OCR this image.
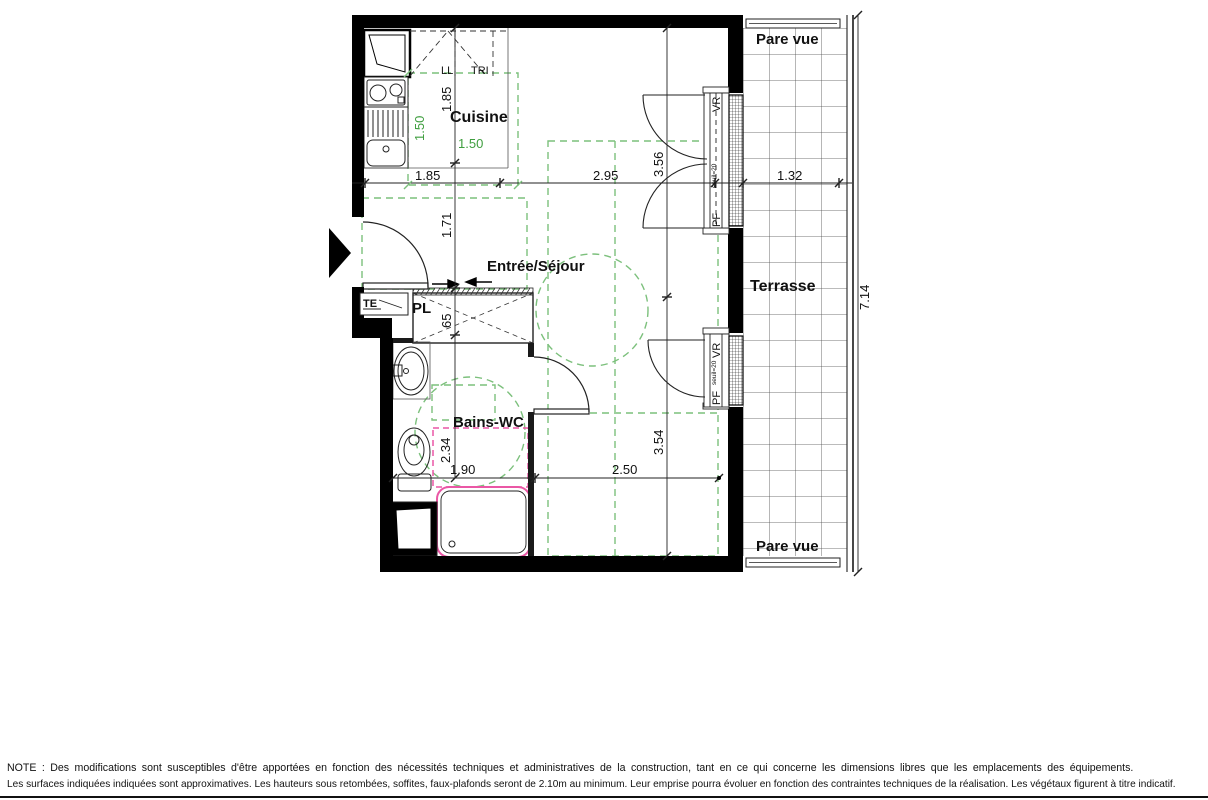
Cuisine
Entrée/Séjour
Bains-WC
Terrasse
Pare vue
Pare vue
LL TRI
TE PL
VR
seuil=20
PF
VR
seuil=20
PF
1.85	2.95	1.32
1.90	2.50
1.85
1.71
65
2.34
3.56
3.54
7.14
1.50
1.50
NOTE : Des modifications sont susceptibles d'être apportées en fonction des nécessités techniques et administratives de la construction, tant en ce qui concerne les dimensions libres que les emplacements des équipements.
Les surfaces indiquées indiquées sont approximatives. Les hauteurs sous retombées, soffites, faux-plafonds seront de 2.10m au minimum. Leur emprise pourra évoluer en fonction des contraintes techniques de la réalisation. Les végétaux figurent à titre indicatif.
